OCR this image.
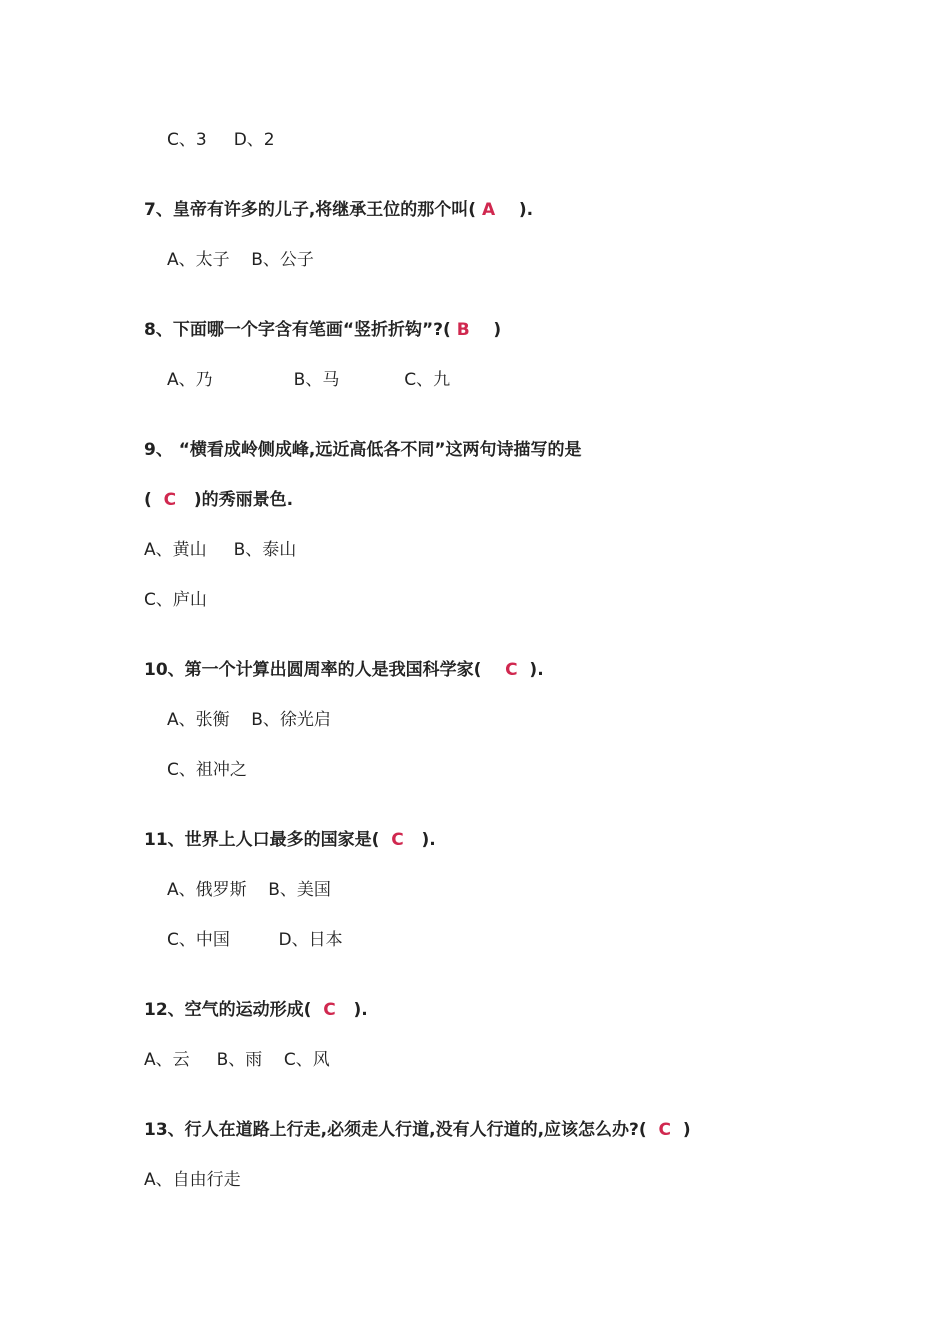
C、3     D、2
7、皇帝有许多的儿子,将继承王位的那个叫( A    ).
A、太子    B、公子
8、下面哪一个字含有笔画“竖折折钩”?( B    )
A、乃               B、马            C、九
9、 “横看成岭侧成峰,远近高低各不同”这两句诗描写的是
(  C   )的秀丽景色.
A、黄山     B、泰山
C、庐山
10、第一个计算出圆周率的人是我国科学家(    C  ).
A、张衡    B、徐光启
C、祖冲之
11、世界上人口最多的国家是(  C   ).
A、俄罗斯    B、美国
C、中国         D、日本
12、空气的运动形成(  C   ).
A、云     B、雨    C、风
13、行人在道路上行走,必须走人行道,没有人行道的,应该怎么办?(  C  )
A、自由行走
